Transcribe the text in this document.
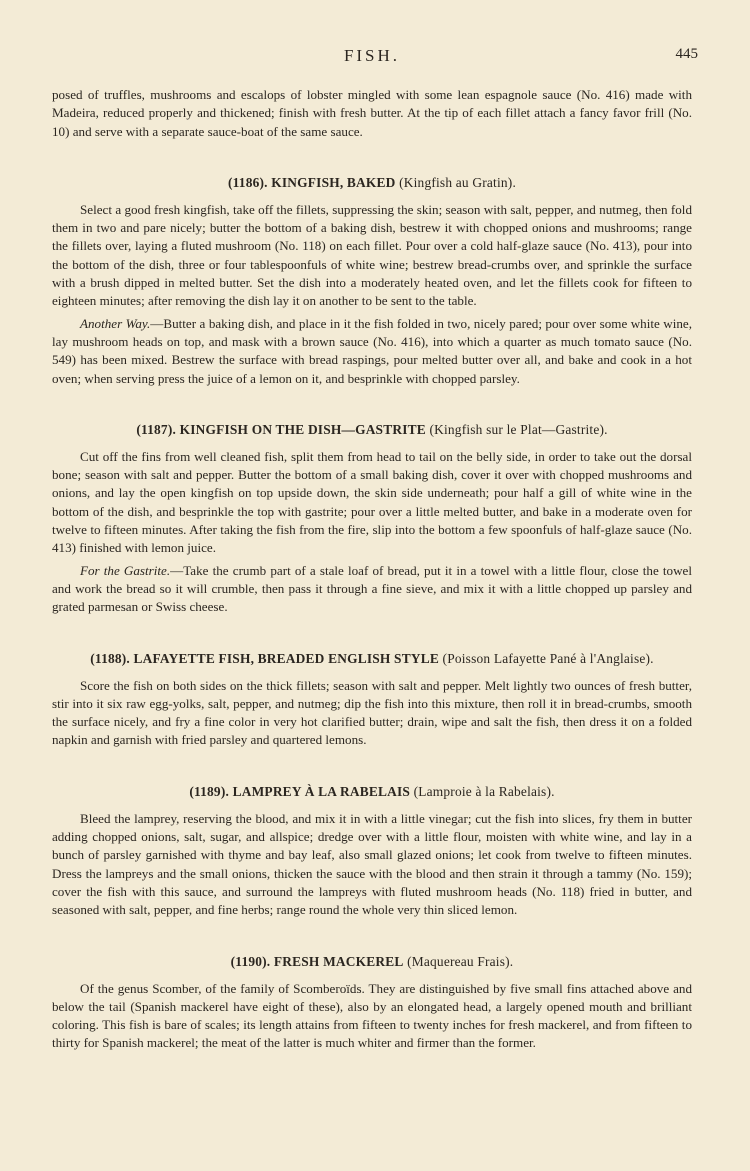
FISH.	445

posed of truffles, mushrooms and escalops of lobster mingled with some lean espagnole sauce (No. 416) made with Madeira, reduced properly and thickened; finish with fresh butter. At the tip of each fillet attach a fancy favor frill (No. 10) and serve with a separate sauce-boat of the same sauce.

(1186). KINGFISH, BAKED (Kingfish au Gratin).

Select a good fresh kingfish, take off the fillets, suppressing the skin; season with salt, pepper, and nutmeg, then fold them in two and pare nicely; butter the bottom of a baking dish, bestrew it with chopped onions and mushrooms; range the fillets over, laying a fluted mushroom (No. 118) on each fillet. Pour over a cold half-glaze sauce (No. 413), pour into the bottom of the dish, three or four tablespoonfuls of white wine; bestrew bread-crumbs over, and sprinkle the surface with a brush dipped in melted butter. Set the dish into a moderately heated oven, and let the fillets cook for fifteen to eighteen minutes; after removing the dish lay it on another to be sent to the table.

Another Way.—Butter a baking dish, and place in it the fish folded in two, nicely pared; pour over some white wine, lay mushroom heads on top, and mask with a brown sauce (No. 416), into which a quarter as much tomato sauce (No. 549) has been mixed. Bestrew the surface with bread raspings, pour melted butter over all, and bake and cook in a hot oven; when serving press the juice of a lemon on it, and besprinkle with chopped parsley.

(1187). KINGFISH ON THE DISH—GASTRITE (Kingfish sur le Plat—Gastrite).

Cut off the fins from well cleaned fish, split them from head to tail on the belly side, in order to take out the dorsal bone; season with salt and pepper. Butter the bottom of a small baking dish, cover it over with chopped mushrooms and onions, and lay the open kingfish on top upside down, the skin side underneath; pour half a gill of white wine in the bottom of the dish, and besprinkle the top with gastrite; pour over a little melted butter, and bake in a moderate oven for twelve to fifteen minutes. After taking the fish from the fire, slip into the bottom a few spoonfuls of half-glaze sauce (No. 413) finished with lemon juice.

For the Gastrite.—Take the crumb part of a stale loaf of bread, put it in a towel with a little flour, close the towel and work the bread so it will crumble, then pass it through a fine sieve, and mix it with a little chopped up parsley and grated parmesan or Swiss cheese.

(1188). LAFAYETTE FISH, BREADED ENGLISH STYLE (Poisson Lafayette Pané à l'Anglaise).

Score the fish on both sides on the thick fillets; season with salt and pepper. Melt lightly two ounces of fresh butter, stir into it six raw egg-yolks, salt, pepper, and nutmeg; dip the fish into this mixture, then roll it in bread-crumbs, smooth the surface nicely, and fry a fine color in very hot clarified butter; drain, wipe and salt the fish, then dress it on a folded napkin and garnish with fried parsley and quartered lemons.

(1189). LAMPREY À LA RABELAIS (Lamproie à la Rabelais).

Bleed the lamprey, reserving the blood, and mix it in with a little vinegar; cut the fish into slices, fry them in butter adding chopped onions, salt, sugar, and allspice; dredge over with a little flour, moisten with white wine, and lay in a bunch of parsley garnished with thyme and bay leaf, also small glazed onions; let cook from twelve to fifteen minutes. Dress the lampreys and the small onions, thicken the sauce with the blood and then strain it through a tammy (No. 159); cover the fish with this sauce, and surround the lampreys with fluted mushroom heads (No. 118) fried in butter, and seasoned with salt, pepper, and fine herbs; range round the whole very thin sliced lemon.

(1190). FRESH MACKEREL (Maquereau Frais).

Of the genus Scomber, of the family of Scomberoïds. They are distinguished by five small fins attached above and below the tail (Spanish mackerel have eight of these), also by an elongated head, a largely opened mouth and brilliant coloring. This fish is bare of scales; its length attains from fifteen to twenty inches for fresh mackerel, and from fifteen to thirty for Spanish mackerel; the meat of the latter is much whiter and firmer than the former.
